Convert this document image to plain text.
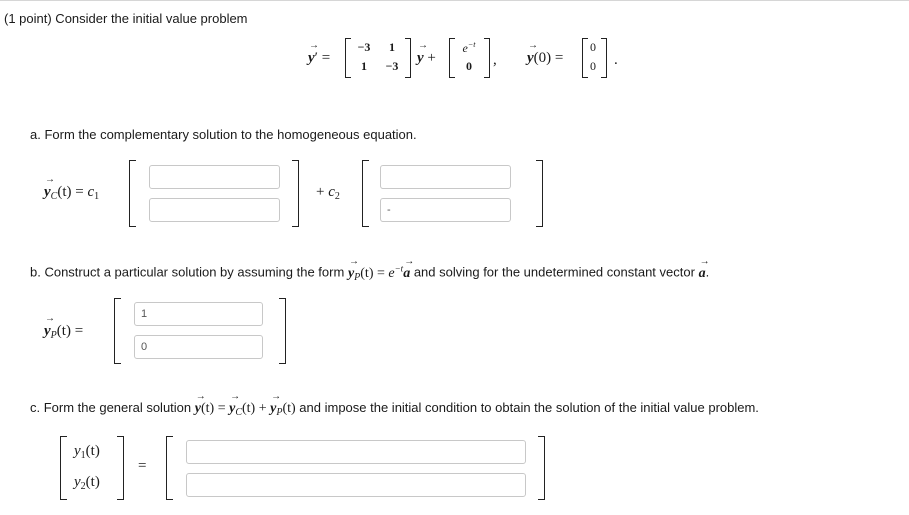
(1 point) Consider the initial value problem
y →′ =
−3	1
1	−3	y → +
$e^{-t}$
0	, y →(0) =
0
0 .
a. Form the complementary solution to the homogeneous equation.
$y \to_C(t) = c_1$	+ $c_2$
-
b. Construct a particular solution by assuming the form $y \to_P(t) = e^{-t}a$ → and solving for the undetermined constant vector a →.
$y \to_P(t)$ =
1
0
c. Form the general solution $y \to(t) = y \to_C(t) + y \to_P(t)$ and impose the initial condition to obtain the solution of the initial value problem.
$y_1(t)$
$y_2(t)$
=
